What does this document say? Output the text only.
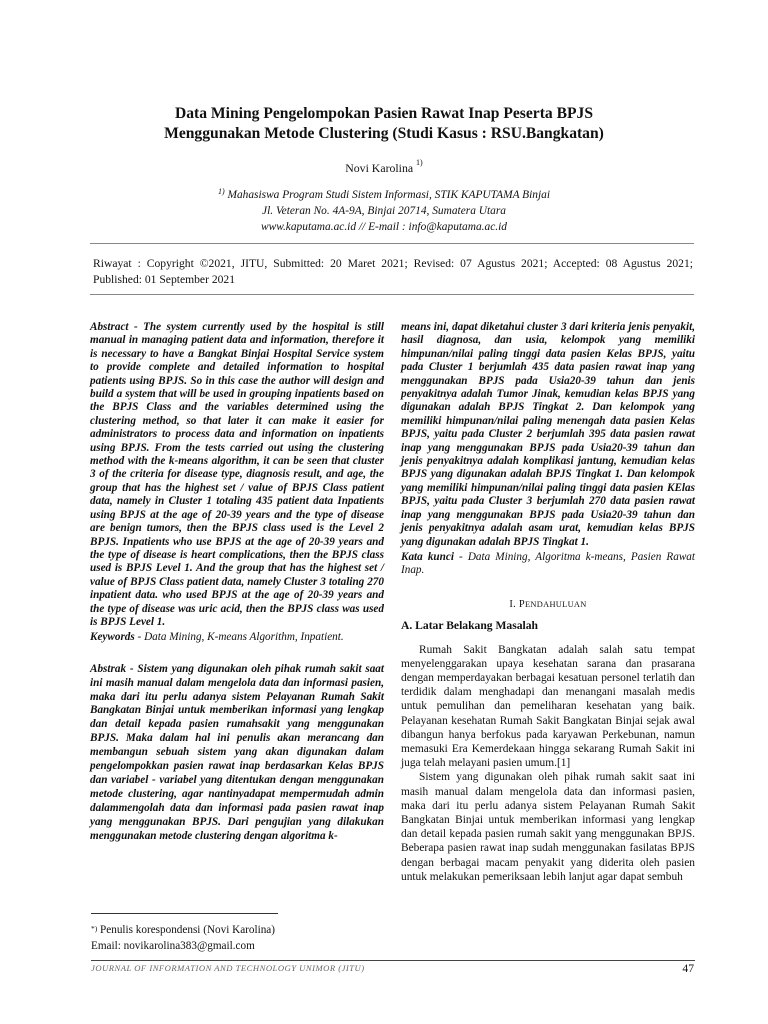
Data Mining Pengelompokan Pasien Rawat Inap Peserta BPJS
Menggunakan Metode Clustering (Studi Kasus : RSU.Bangkatan)
Novi Karolina $^{1)}$
$^{1)}$ Mahasiswa Program Studi Sistem Informasi, STIK KAPUTAMA Binjai
Jl. Veteran No. 4A-9A, Binjai 20714, Sumatera Utara
www.kaputama.ac.id // E-mail : info@kaputama.ac.id
Riwayat : Copyright ©2021, JITU, Submitted: 20 Maret 2021; Revised: 07 Agustus 2021; Accepted: 08 Agustus 2021; Published: 01 September 2021

Abstract - The system currently used by the hospital is still manual in managing patient data and information, therefore it is necessary to have a Bangkat Binjai Hospital Service system to provide complete and detailed information to hospital patients using BPJS. So in this case the author will design and build a system that will be used in grouping inpatients based on the BPJS Class and the variables determined using the clustering method, so that later it can make it easier for administrators to process data and information on inpatients using BPJS. From the tests carried out using the clustering method with the k-means algorithm, it can be seen that cluster 3 of the criteria for disease type, diagnosis result, and age, the group that has the highest set / value of BPJS Class patient data, namely in Cluster 1 totaling 435 patient data Inpatients using BPJS at the age of 20-39 years and the type of disease are benign tumors, then the BPJS class used is the Level 2 BPJS. Inpatients who use BPJS at the age of 20-39 years and the type of disease is heart complications, then the BPJS class used is BPJS Level 1. And the group that has the highest set / value of BPJS Class patient data, namely Cluster 3 totaling 270 inpatient data. who used BPJS at the age of 20-39 years and the type of disease was uric acid, then the BPJS class was used is BPJS Level 1.

Keywords - Data Mining, K-means Algorithm, Inpatient.

Abstrak - Sistem yang digunakan oleh pihak rumah sakit saat ini masih manual dalam mengelola data dan informasi pasien, maka dari itu perlu adanya sistem Pelayanan Rumah Sakit Bangkatan Binjai untuk memberikan informasi yang lengkap dan detail kepada pasien rumahsakit yang menggunakan BPJS. Maka dalam hal ini penulis akan merancang dan membangun sebuah sistem yang akan digunakan dalam pengelompokkan pasien rawat inap berdasarkan Kelas BPJS dan variabel - variabel yang ditentukan dengan menggunakan metode clustering, agar nantinyadapat mempermudah admin dalammengolah data dan informasi pada pasien rawat inap yang menggunakan BPJS. Dari pengujian yang dilakukan menggunakan metode clustering dengan algoritma k-

means ini, dapat diketahui cluster 3 dari kriteria jenis penyakit, hasil diagnosa, dan usia, kelompok yang memiliki himpunan/nilai paling tinggi data pasien Kelas BPJS, yaitu pada Cluster 1 berjumlah 435 data pasien rawat inap yang menggunakan BPJS pada Usia20-39 tahun dan jenis penyakitnya adalah Tumor Jinak, kemudian kelas BPJS yang digunakan adalah BPJS Tingkat 2. Dan kelompok yang memiliki himpunan/nilai paling menengah data pasien Kelas BPJS, yaitu pada Cluster 2 berjumlah 395 data pasien rawat inap yang menggunakan BPJS pada Usia20-39 tahun dan jenis penyakitnya adalah komplikasi jantung, kemudian kelas BPJS yang digunakan adalah BPJS Tingkat 1. Dan kelompok yang memiliki himpunan/nilai paling tinggi data pasien KElas BPJS, yaitu pada Cluster 3 berjumlah 270 data pasien rawat inap yang menggunakan BPJS pada Usia20-39 tahun dan jenis penyakitnya adalah asam urat, kemudian kelas BPJS yang digunakan adalah BPJS Tingkat 1.

Kata kunci - Data Mining, Algoritma k-means, Pasien Rawat Inap.

I. PENDAHULUAN
A. Latar Belakang Masalah

Rumah Sakit Bangkatan adalah salah satu tempat menyelenggarakan upaya kesehatan sarana dan prasarana dengan memperdayakan berbagai kesatuan personel terlatih dan terdidik dalam menghadapi dan menangani masalah medis untuk pemulihan dan pemeliharan kesehatan yang baik. Pelayanan kesehatan Rumah Sakit Bangkatan Binjai sejak awal dibangun hanya berfokus pada karyawan Perkebunan, namun memasuki Era Kemerdekaan hingga sekarang Rumah Sakit ini juga telah melayani pasien umum.[1]

Sistem yang digunakan oleh pihak rumah sakit saat ini masih manual dalam mengelola data dan informasi pasien, maka dari itu perlu adanya sistem Pelayanan Rumah Sakit Bangkatan Binjai untuk memberikan informasi yang lengkap dan detail kepada pasien rumah sakit yang menggunakan BPJS. Beberapa pasien rawat inap sudah menggunakan fasilatas BPJS dengan berbagai macam penyakit yang diderita oleh pasien untuk melakukan pemeriksaan lebih lanjut agar dapat sembuh

*) Penulis korespondensi (Novi Karolina)
Email: novikarolina383@gmail.com
JOURNAL OF INFORMATION AND TECHNOLOGY UNIMOR (JITU)	47
